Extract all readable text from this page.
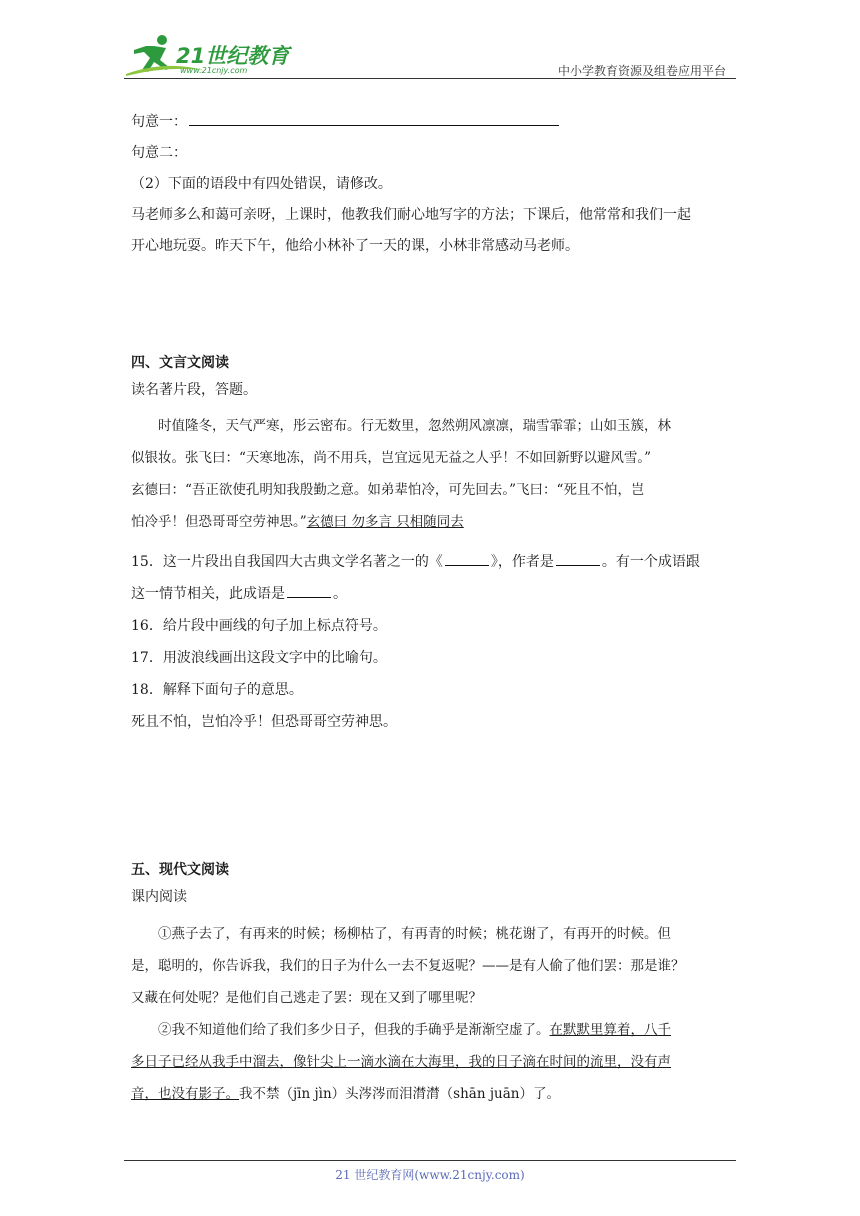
21世纪教育
www.21cnjy.com	中小学教育资源及组卷应用平台
句意一：
句意二：
（2）下面的语段中有四处错误，请修改。
马老师多么和蔼可亲呀，上课时，他教我们耐心地写字的方法；下课后，他常常和我们一起
开心地玩耍。昨天下午，他给小林补了一天的课，小林非常感动马老师。
四、文言文阅读
读名著片段，答题。
时值隆冬，天气严寒，彤云密布。行无数里，忽然朔风凛凛，瑞雪霏霏；山如玉簇，林
似银妆。张飞曰：“天寒地冻，尚不用兵，岂宜远见无益之人乎！不如回新野以避风雪。”
玄德曰：“吾正欲使孔明知我殷勤之意。如弟辈怕冷，可先回去。”飞曰：“死且不怕，岂
怕冷乎！但恐哥哥空劳神思。”玄德曰 勿多言 只相随同去
15．这一片段出自我国四大古典文学名著之一的《	》，作者是	。有一个成语跟
这一情节相关，此成语是	。
16．给片段中画线的句子加上标点符号。
17．用波浪线画出这段文字中的比喻句。
18．解释下面句子的意思。
死且不怕，岂怕冷乎！但恐哥哥空劳神思。
五、现代文阅读
课内阅读
①燕子去了，有再来的时候；杨柳枯了，有再青的时候；桃花谢了，有再开的时候。但
是，聪明的，你告诉我，我们的日子为什么一去不复返呢？——是有人偷了他们罢：那是谁？
又藏在何处呢？是他们自己逃走了罢：现在又到了哪里呢？
②我不知道他们给了我们多少日子，但我的手确乎是渐渐空虚了。在默默里算着，八千
多日子已经从我手中溜去，像针尖上一滴水滴在大海里，我的日子滴在时间的流里，没有声
音，也没有影子。我不禁（jīn jìn）头涔涔而泪潸潸（shān juān）了。
21 世纪教育网(www.21cnjy.com)
